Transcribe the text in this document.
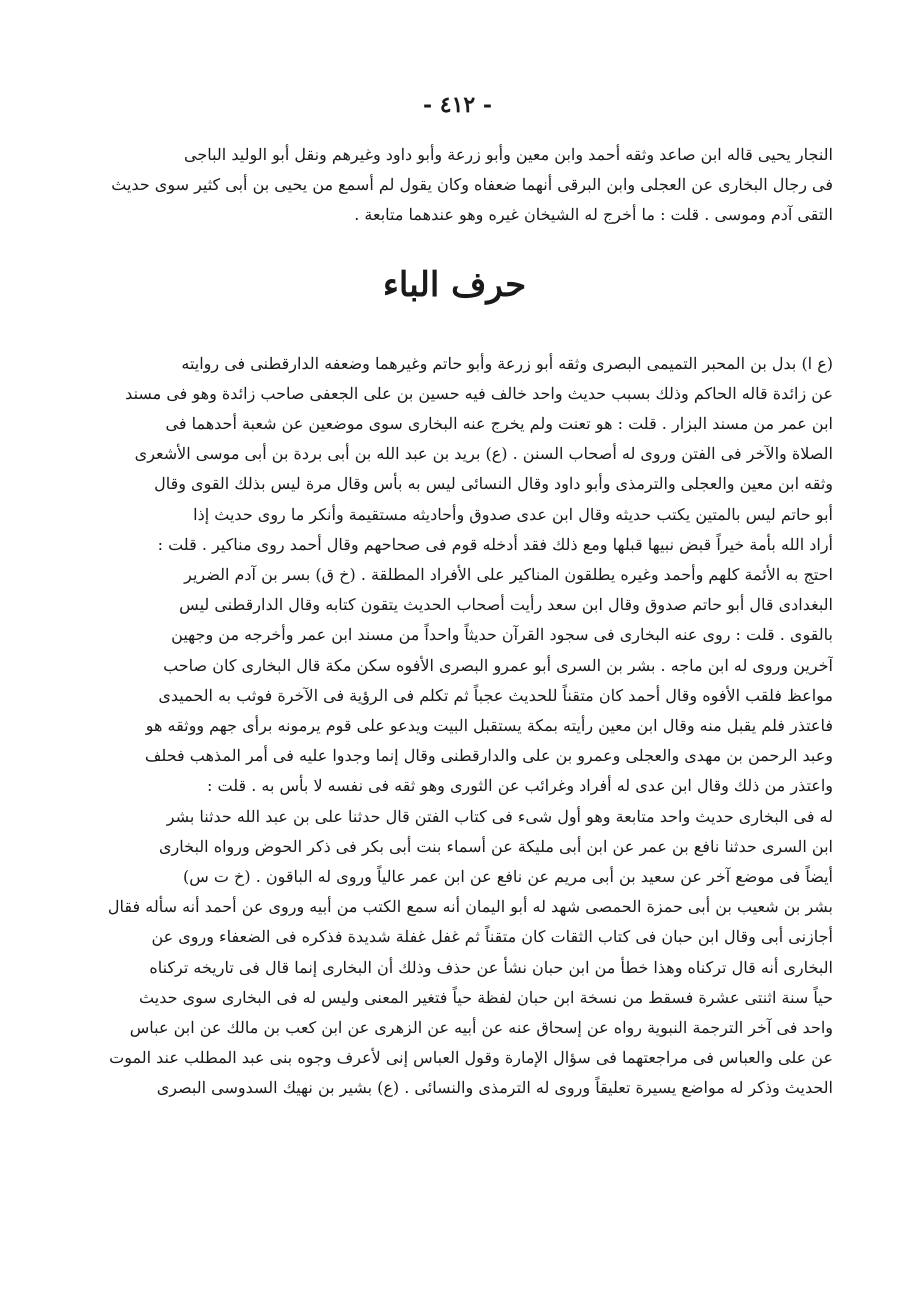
- ٤١٢ -
النجار يحيى قاله ابن صاعد وثقه أحمد وابن معين وأبو زرعة وأبو داود وغيرهم ونقل أبو الوليد الباجى
فى رجال البخارى عن العجلى وابن البرقى أنهما ضعفاه وكان يقول لم أسمع من يحيى بن أبى كثير سوى حديث
التقى آدم وموسى . قلت : ما أخرج له الشيخان غيره وهو عندهما متابعة .
حرف الباء
(ع ا) بدل بن المحبر التميمى البصرى وثقه أبو زرعة وأبو حاتم وغيرهما وضعفه الدارقطنى فى روايته
عن زائدة قاله الحاكم وذلك بسبب حديث واحد خالف فيه حسين بن على الجعفى صاحب زائدة وهو فى مسند
ابن عمر من مسند البزار . قلت : هو تعنت ولم يخرج عنه البخارى سوى موضعين عن شعبة أحدهما فى
الصلاة والآخر فى الفتن وروى له أصحاب السنن . (ع) بريد بن عبد الله بن أبى بردة بن أبى موسى الأشعرى
وثقه ابن معين والعجلى والترمذى وأبو داود وقال النسائى ليس به بأس وقال مرة ليس بذلك القوى وقال
أبو حاتم ليس بالمتين يكتب حديثه وقال ابن عدى صدوق وأحاديثه مستقيمة وأنكر ما روى حديث إذا
أراد الله بأمة خيراً قبض نبيها قبلها ومع ذلك فقد أدخله قوم فى صحاحهم وقال أحمد روى مناكير . قلت :
احتج به الأئمة كلهم وأحمد وغيره يطلقون المناكير على الأفراد المطلقة . (خ ق) بسر بن آدم الضرير
البغدادى قال أبو حاتم صدوق وقال ابن سعد رأيت أصحاب الحديث يتقون كتابه وقال الدارقطنى ليس
بالقوى . قلت : روى عنه البخارى فى سجود القرآن حديثاً واحداً من مسند ابن عمر وأخرجه من وجهين
آخرين وروى له ابن ماجه . بشر بن السرى أبو عمرو البصرى الأفوه سكن مكة قال البخارى كان صاحب
مواعظ فلقب الأفوه وقال أحمد كان متقناً للحديث عجباً ثم تكلم فى الرؤية فى الآخرة فوثب به الحميدى
فاعتذر فلم يقبل منه وقال ابن معين رأيته بمكة يستقبل البيت ويدعو على قوم يرمونه برأى جهم ووثقه هو
وعبد الرحمن بن مهدى والعجلى وعمرو بن على والدارقطنى وقال إنما وجدوا عليه فى أمر المذهب فحلف
واعتذر من ذلك وقال ابن عدى له أفراد وغرائب عن الثورى وهو ثقه فى نفسه لا بأس به . قلت :
له فى البخارى حديث واحد متابعة وهو أول شىء فى كتاب الفتن قال حدثنا على بن عبد الله حدثنا بشر
ابن السرى حدثنا نافع بن عمر عن ابن أبى مليكة عن أسماء بنت أبى بكر فى ذكر الحوض ورواه البخارى
أيضاً فى موضع آخر عن سعيد بن أبى مريم عن نافع عن ابن عمر عالياً وروى له الباقون . (خ ت س)
بشر بن شعيب بن أبى حمزة الحمصى شهد له أبو اليمان أنه سمع الكتب من أبيه وروى عن أحمد أنه سأله فقال
أجازنى أبى وقال ابن حبان فى كتاب الثقات كان متقناً ثم غفل غفلة شديدة فذكره فى الضعفاء وروى عن
البخارى أنه قال تركناه وهذا خطأ من ابن حبان نشأ عن حذف وذلك أن البخارى إنما قال فى تاريخه تركناه
حياً سنة اثنتى عشرة فسقط من نسخة ابن حبان لفظة حياً فتغير المعنى وليس له فى البخارى سوى حديث
واحد فى آخر الترجمة النبوية رواه عن إسحاق عنه عن أبيه عن الزهرى عن ابن كعب بن مالك عن ابن عباس
عن على والعباس فى مراجعتهما فى سؤال الإمارة وقول العباس إنى لأعرف وجوه بنى عبد المطلب عند الموت
الحديث وذكر له مواضع يسيرة تعليقاً وروى له الترمذى والنسائى . (ع) بشير بن نهيك السدوسى البصرى
